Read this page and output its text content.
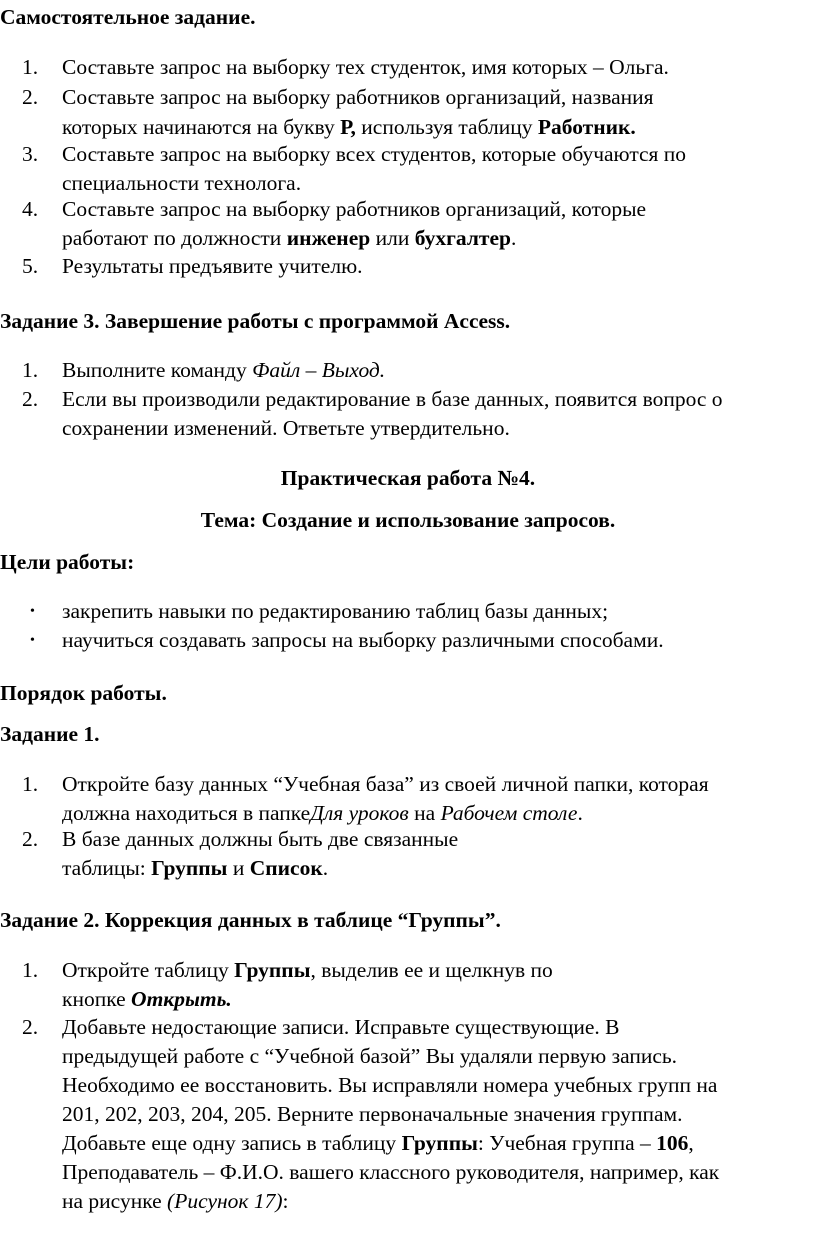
Самостоятельное задание.
1.	Составьте запрос на выборку тех студенток, имя которых – Ольга.
2.	Составьте запрос на выборку работников организаций, названия
которых начинаются на букву Р, используя таблицу Работник.
3.	Составьте запрос на выборку всех студентов, которые обучаются по
специальности технолога.
4.	Составьте запрос на выборку работников организаций, которые
работают по должности инженер или бухгалтер.
5.	Результаты предъявите учителю.
Задание 3. Завершение работы с программой Access.
1.	Выполните команду Файл – Выход.
2.	Если вы производили редактирование в базе данных, появится вопрос о
сохранении изменений. Ответьте утвердительно.
Практическая работа №4.
Тема: Создание и использование запросов.
Цели работы:
• закрепить навыки по редактированию таблиц базы данных;
• научиться создавать запросы на выборку различными способами.
Порядок работы.
Задание 1.
1.	Откройте базу данных “Учебная база” из своей личной папки, которая
должна находиться в папкеДля уроков на Рабочем столе.
2.	В базе данных должны быть две связанные
таблицы: Группы и Список.
Задание 2. Коррекция данных в таблице “Группы”.
1.	Откройте таблицу Группы, выделив ее и щелкнув по
кнопке Открыть.
2.	Добавьте недостающие записи. Исправьте существующие. В
предыдущей работе с “Учебной базой” Вы удаляли первую запись.
Необходимо ее восстановить. Вы исправляли номера учебных групп на
201, 202, 203, 204, 205. Верните первоначальные значения группам.
Добавьте еще одну запись в таблицу Группы: Учебная группа – 106,
Преподаватель – Ф.И.О. вашего классного руководителя, например, как
на рисунке (Рисунок 17):
